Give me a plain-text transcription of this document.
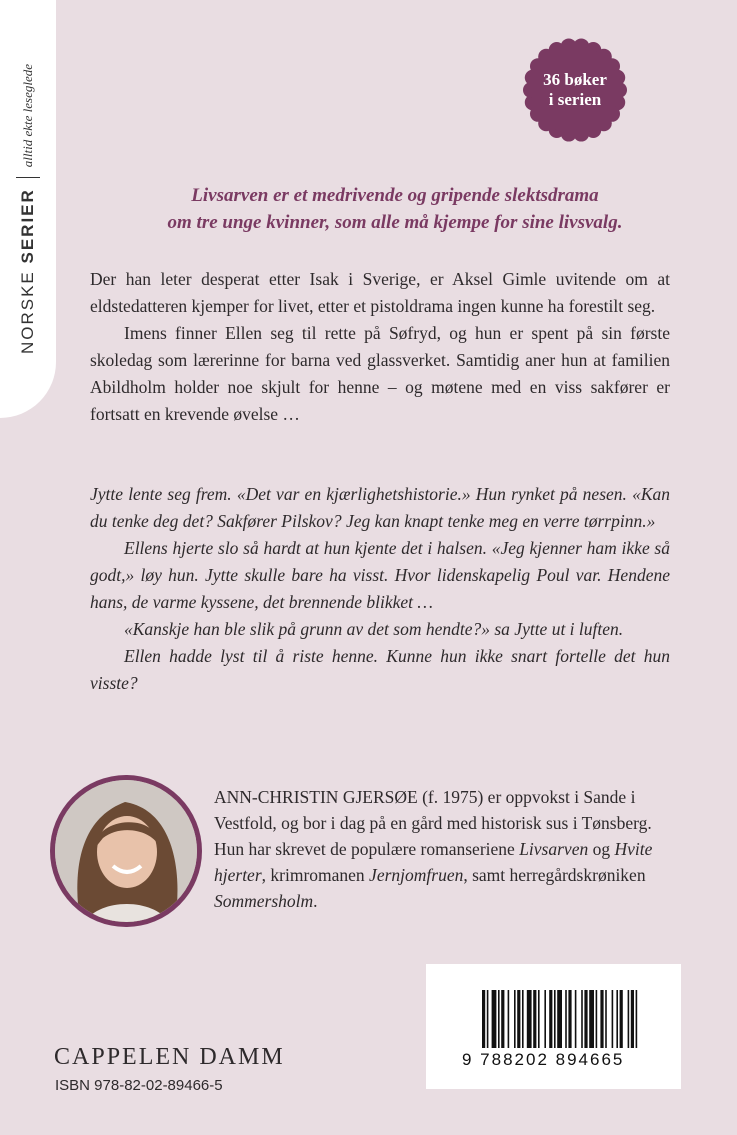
NORSKE SERIER
alltid ekte leseglede	36 bøker
i serien
Livsarven er et medrivende og gripende slektsdrama
om tre unge kvinner, som alle må kjempe for sine livsvalg.

Der han leter desperat etter Isak i Sverige, er Aksel Gimle uvitende om at eldstedatteren kjemper for livet, etter et pistoldrama ingen kunne ha forestilt seg.

Imens finner Ellen seg til rette på Søfryd, og hun er spent på sin første skoledag som lærerinne for barna ved glassverket. Samtidig aner hun at familien Abildholm holder noe skjult for henne – og møtene med en viss sakfører er fortsatt en krevende øvelse …

Jytte lente seg frem. «Det var en kjærlighetshistorie.» Hun rynket på nesen. «Kan du tenke deg det? Sakfører Pilskov? Jeg kan knapt tenke meg en verre tørrpinn.»

Ellens hjerte slo så hardt at hun kjente det i halsen. «Jeg kjenner ham ikke så godt,» løy hun. Jytte skulle bare ha visst. Hvor lidenskapelig Poul var. Hendene hans, de varme kyssene, det brennende blikket …

«Kanskje han ble slik på grunn av det som hendte?» sa Jytte ut i luften.

Ellen hadde lyst til å riste henne. Kunne hun ikke snart fortelle det hun visste?

ANN-CHRISTIN GJERSØE (f. 1975) er oppvokst i Sande i Vestfold, og bor i dag på en gård med historisk sus i Tønsberg. Hun har skrevet de populære romanseriene Livsarven og Hvite hjerter, krimromanen Jernjomfruen, samt herregårdskrøniken Sommersholm.

9 788202 894665
CAPPELEN DAMM
ISBN 978-82-02-89466-5
